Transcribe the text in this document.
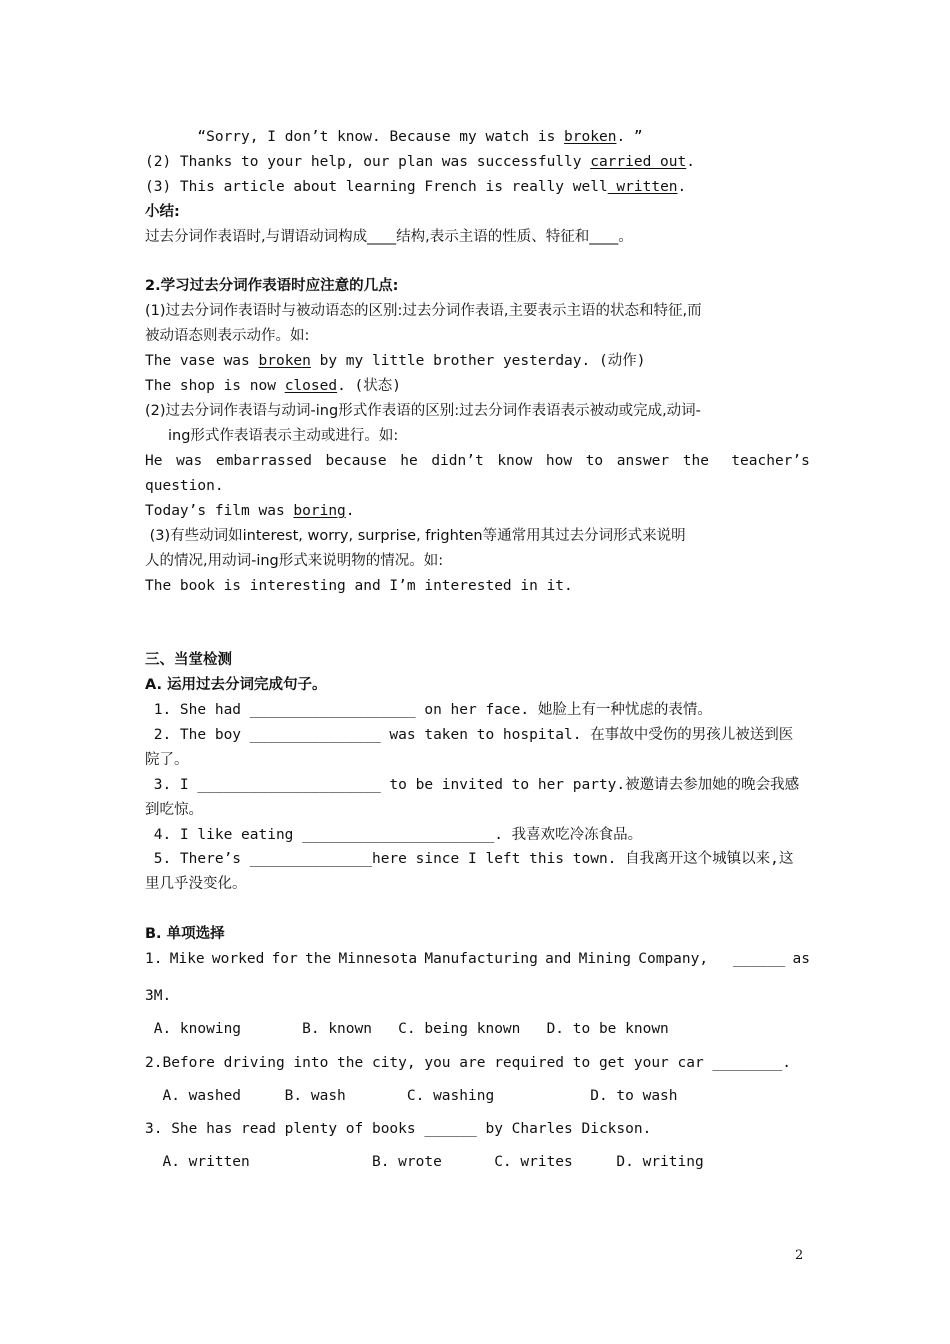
“Sorry, I don’t know. Because my watch is broken. ”
(2) Thanks to your help, our plan was successfully carried out.
(3) This article about learning French is really well written.
小结:
过去分词作表语时,与谓语动词构成____结构,表示主语的性质、特征和____。
2.学习过去分词作表语时应注意的几点:
(1)过去分词作表语时与被动语态的区别:过去分词作表语,主要表示主语的状态和特征,而
被动语态则表示动作。如:
The vase was broken by my little brother yesterday. (动作)
The shop is now closed. (状态)
(2)过去分词作表语与动词-ing形式作表语的区别:过去分词作表语表示被动或完成,动词-
ing形式作表语表示主动或进行。如:
He was embarrassed because he didn’t know how to answer the teacher’s
question.
Today’s film was boring.
(3)有些动词如interest, worry, surprise, frighten等通常用其过去分词形式来说明
人的情况,用动词-ing形式来说明物的情况。如:
The book is interesting and I’m interested in it.
三、当堂检测
A. 运用过去分词完成句子。
1. She had ___________________ on her face. 她脸上有一种忧虑的表情。
2. The boy _______________ was taken to hospital. 在事故中受伤的男孩儿被送到医
院了。
3. I _____________________ to be invited to her party.被邀请去参加她的晚会我感
到吃惊。
4. I like eating ______________________. 我喜欢吃冷冻食品。
5. There’s ______________here since I left this town. 自我离开这个城镇以来,这
里几乎没变化。
B. 单项选择
1. Mike worked for the Minnesota Manufacturing and Mining Company, ______ as
3M.
A. knowing       B. known   C. being known   D. to be known
2.Before driving into the city, you are required to get your car ________.
A. washed     B. wash       C. washing           D. to wash
3. She has read plenty of books ______ by Charles Dickson.
A. written              B. wrote      C. writes     D. writing
2
